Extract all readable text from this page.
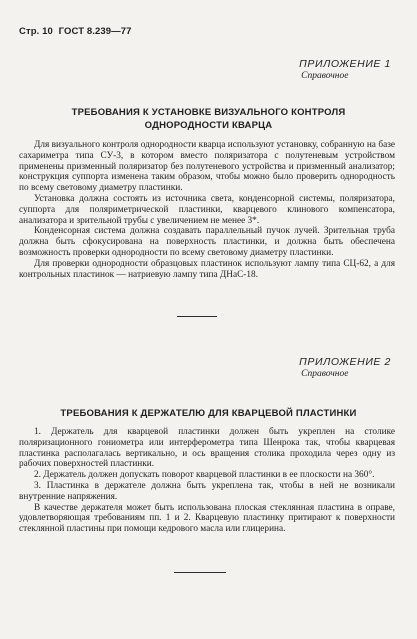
Стр. 10 ГОСТ 8.239—77
ПРИЛОЖЕНИЕ 1
Справочное
ТРЕБОВАНИЯ К УСТАНОВКЕ ВИЗУАЛЬНОГО КОНТРОЛЯ
ОДНОРОДНОСТИ КВАРЦА

Для визуального контроля однородности кварца используют установку, собранную на базе сахариметра типа СУ-3, в котором вместо поляризатора с полутеневым устройством применены призменный поляризатор без полутеневого устройства и призменный анализатор; конструкция суппорта изменена таким образом, чтобы можно было проверить однородность по всему световому диаметру пластинки.

Установка должна состоять из источника света, конденсорной системы, поляризатора, суппорта для поляриметрической пластинки, кварцевого клинового компенсатора, анализатора и зрительной трубы с увеличением не менее 3*.

Конденсорная система должна создавать параллельный пучок лучей. Зрительная труба должна быть сфокусирована на поверхность пластинки, и должна быть обеспечена возможность проверки однородности по всему световому диаметру пластинки.

Для проверки однородности образцовых пластинок используют лампу типа СЦ-62, а для контрольных пластинок — натриевую лампу типа ДНаС-18.

ПРИЛОЖЕНИЕ 2
Справочное
ТРЕБОВАНИЯ К ДЕРЖАТЕЛЮ ДЛЯ КВАРЦЕВОЙ ПЛАСТИНКИ

1. Держатель для кварцевой пластинки должен быть укреплен на столике поляризационного гониометра или интерферометра типа Шенрока так, чтобы кварцевая пластинка располагалась вертикально, и ось вращения столика проходила через одну из рабочих поверхностей пластинки.

2. Держатель должен допускать поворот кварцевой пластинки в ее плоскости на 360°.

3. Пластинка в держателе должна быть укреплена так, чтобы в ней не возникали внутренние напряжения.

В качестве держателя может быть использована плоская стеклянная пластина в оправе, удовлетворяющая требованиям пп. 1 и 2. Кварцевую пластинку притирают к поверхности стеклянной пластины при помощи кедрового масла или глицерина.
